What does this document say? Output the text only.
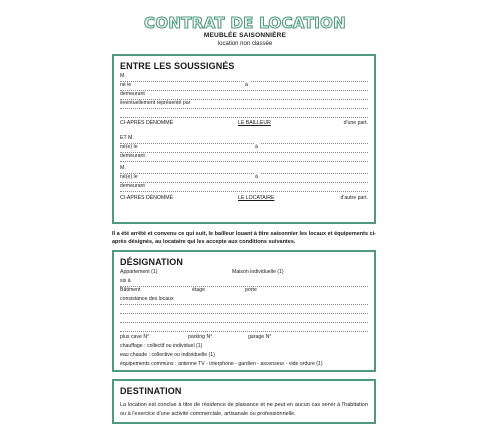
CONTRAT DE LOCATION
MEUBLÉE SAISONNIÈRE
location non classée
ENTRE LES SOUSSIGNÉS
M.
né le	à
demeurant
éventuellement représenté par
CI-APRÈS DÉNOMMÉ	LE BAILLEUR	d'une part.
ET M.
né(e) le	à
demeurant
M.
né(e) le	à
demeurant
CI-APRÈS DÉNOMMÉ	LE LOCATAIRE	d'autre part.
Il a été arrêté et convenu ce qui suit, le bailleur louant à titre saisonnier les locaux et équipements ci-après désignés, au locataire qui les accepte aux conditions suivantes.
DÉSIGNATION
Appartement (1)	Maison individuelle (1)
sis à
Bâtiment	étage	porte
consistance des locaux
plus cave N°	parking N°	garage N°
chauffage : collectif ou individuel (1)
eau chaude : collective ou individuelle (1)
équipements communs : antenne TV - interphone - gardien - ascenseur - vide ordure (1)
DESTINATION
La location est conclue à titre de résidence de plaisance et ne peut en aucun cas servir à l'habitation ou à l'exercice d'une activité commerciale, artisanale ou professionnelle.
